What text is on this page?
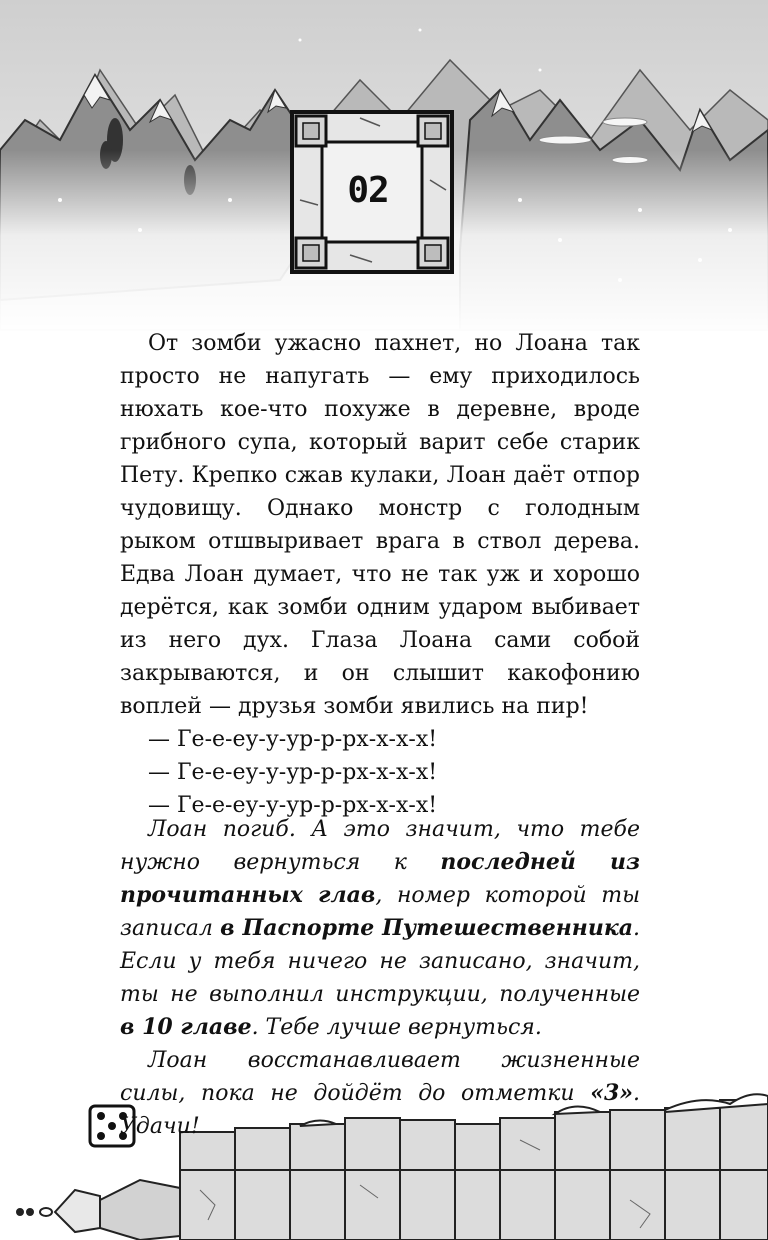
02

От зомби ужасно пахнет, но Лоана так просто не напугать — ему приходилось нюхать кое-что похуже в деревне, вроде грибного супа, который варит себе старик Пету. Крепко сжав кулаки, Лоан даёт отпор чудовищу. Однако монстр с голодным рыком отшвыривает врага в ствол дерева. Едва Лоан думает, что не так уж и хорошо дерётся, как зомби одним ударом выбивает из него дух. Глаза Лоана сами собой закрываются, и он слышит какофонию воплей — друзья зомби явились на пир!

— Ге-е-еу-у-ур-р-рх-х-х-х!

— Ге-е-еу-у-ур-р-рх-х-х-х!

— Ге-е-еу-у-ур-р-рх-х-х-х!

Лоан погиб. А это значит, что тебе нужно вернуться к последней из прочитанных глав, номер которой ты записал в Паспорте Путешественника. Если у тебя ничего не записано, значит, ты не выполнил инструкции, полученные в 10 главе. Тебе лучше вернуться.

Лоан восстанавливает жизненные силы, пока не дойдёт до отметки «3». Удачи!
